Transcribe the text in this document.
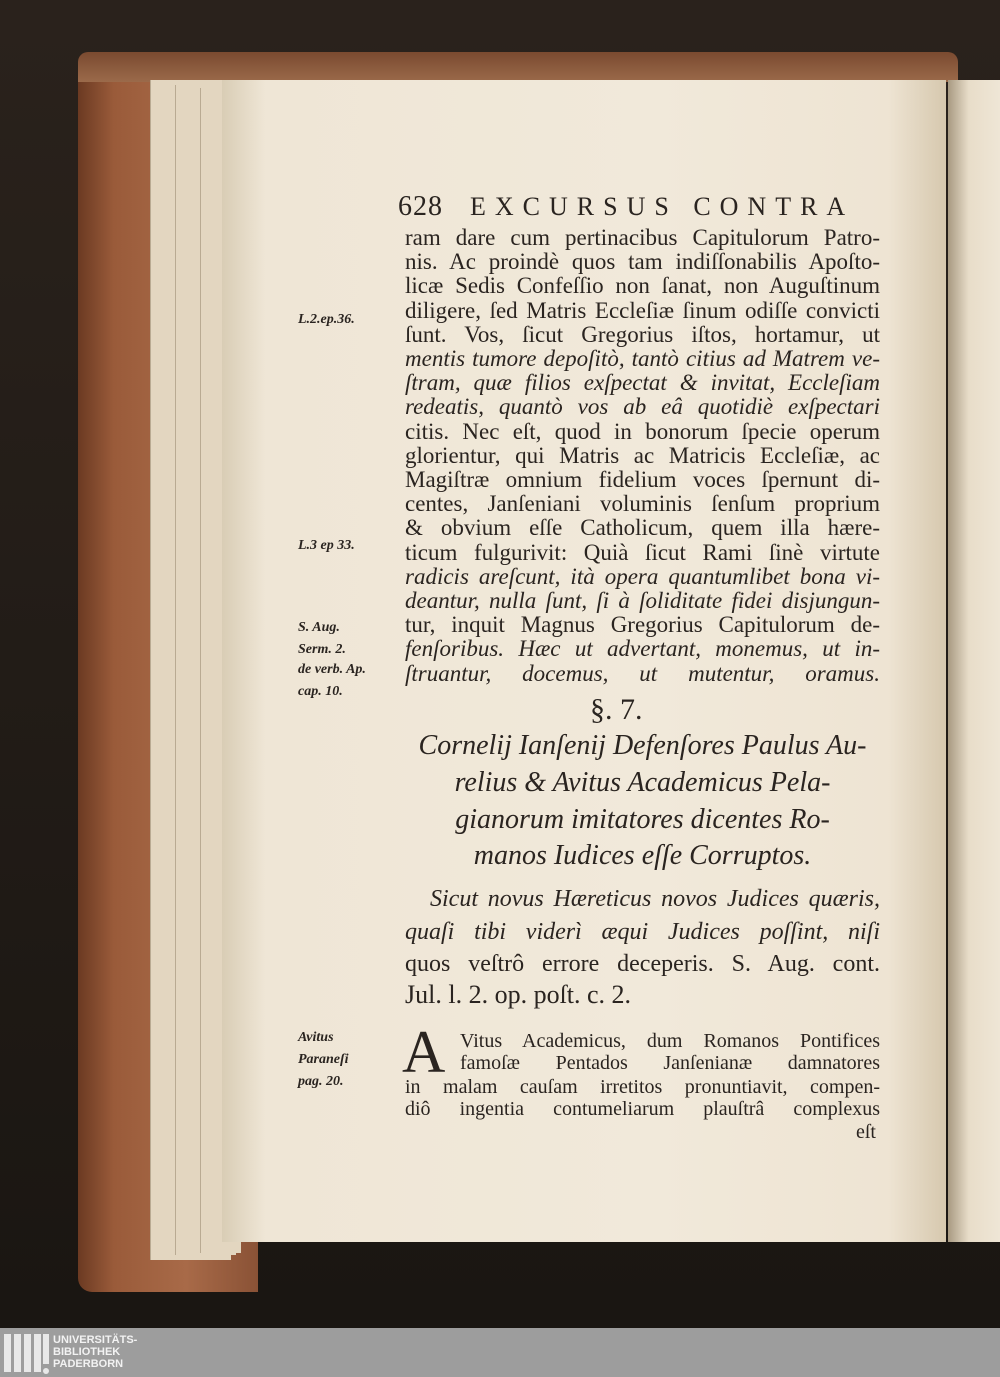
628 EXCURSUS CONTRA
ram dare cum pertinacibus Capitulorum Patro-
nis. Ac proindè quos tam indiſſonabilis Apoſto-
licæ Sedis Confeſſio non ſanat, non Auguſtinum
diligere, ſed Matris Eccleſiæ ſinum odiſſe convicti
ſunt. Vos, ſicut Gregorius iſtos, hortamur, ut
mentis tumore depoſitò, tantò citius ad Matrem ve-
ſtram, quæ filios exſpectat & invitat, Eccleſiam
redeatis, quantò vos ab eâ quotidiè exſpectari
citis. Nec eſt, quod in bonorum ſpecie operum
glorientur, qui Matris ac Matricis Eccleſiæ, ac
Magiſtræ omnium fidelium voces ſpernunt di-
centes, Janſeniani voluminis ſenſum proprium
& obvium eſſe Catholicum, quem illa hære-
ticum fulgurivit: Quià ſicut Rami ſinè virtute
radicis areſcunt, ità opera quantumlibet bona vi-
deantur, nulla ſunt, ſi à ſoliditate fidei disjungun-
tur, inquit Magnus Gregorius Capitulorum de-
fenſoribus. Hæc ut advertant, monemus, ut in-
ſtruantur, docemus, ut mutentur, oramus.
L.2.ep.36.
L.3 ep 33.
S. Aug.
Serm. 2.
de verb. Ap.
cap. 10.
Avitus
Paraneſi
pag. 20.
§. 7.
Cornelij Ianſenij Defenſores Paulus Au-
relius & Avitus Academicus Pela-
gianorum imitatores dicentes Ro-
manos Iudices eſſe Corruptos.
Sicut novus Hæreticus novos Judices quæris,
quaſi tibi viderì æqui Judices poſſint, niſi
quos veſtrô errore deceperis. S. Aug. cont.
Jul. l. 2. op. poſt. c. 2.
A Vitus Academicus, dum Romanos Pontifices
famoſæ Pentados Janſenianæ damnatores
in malam cauſam irretitos pronuntiavit, compen-
diô ingentia contumeliarum plauſtrâ complexus
eſt
UNIVERSITÄTS-
BIBLIOTHEK
PADERBORN
